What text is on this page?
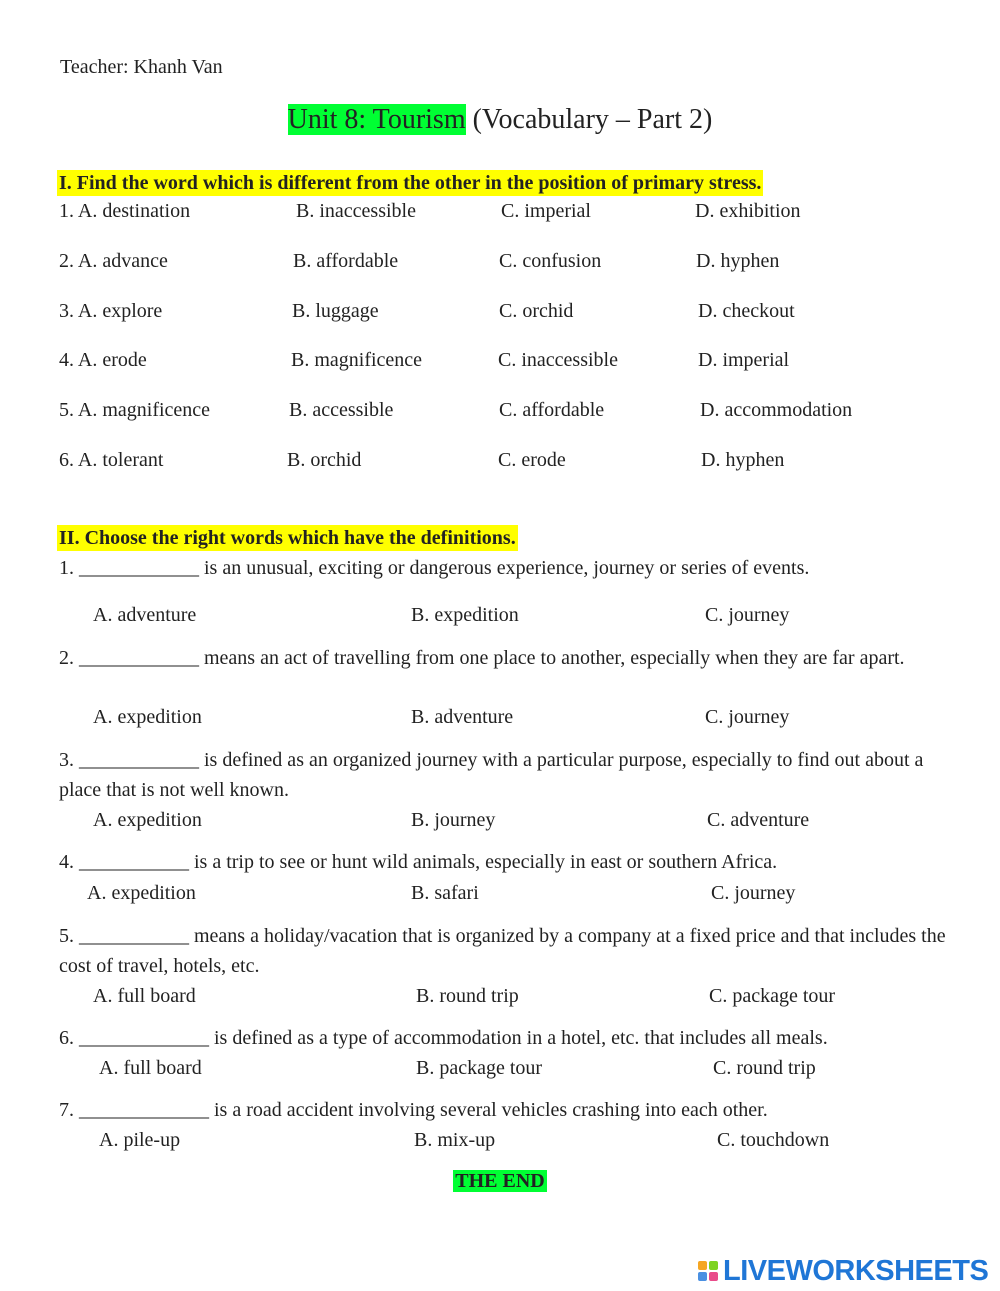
Teacher: Khanh Van
Unit 8: Tourism (Vocabulary – Part 2)
I. Find the word which is different from the other in the position of primary stress.
1. A. destination	B. inaccessible	C. imperial	D. exhibition
2. A. advance	B. affordable	C. confusion	D. hyphen
3. A. explore	B. luggage	C. orchid	D. checkout
4. A. erode	B. magnificence	C. inaccessible	D. imperial
5. A. magnificence	B. accessible	C. affordable	D. accommodation
6. A. tolerant	B. orchid	C. erode	D. hyphen
II. Choose the right words which have the definitions.
1. ____________ is an unusual, exciting or dangerous experience, journey or series of events.
A. adventure	B. expedition	C. journey
2. ____________ means an act of travelling from one place to another, especially when they are far apart.
A. expedition	B. adventure	C. journey
3. ____________ is defined as an organized journey with a particular purpose, especially to find out about a place that is not well known.
A. expedition	B. journey	C. adventure
4. ___________ is a trip to see or hunt wild animals, especially in east or southern Africa.
A. expedition	B. safari	C. journey
5. ___________ means a holiday/vacation that is organized by a company at a fixed price and that includes the cost of travel, hotels, etc.
A. full board	B. round trip	C. package tour
6. _____________ is defined as a type of accommodation in a hotel, etc. that includes all meals.
A. full board	B. package tour	C. round trip
7. _____________ is a road accident involving several vehicles crashing into each other.
A. pile-up	B. mix-up	C. touchdown
THE END
LIVEWORKSHEETS
